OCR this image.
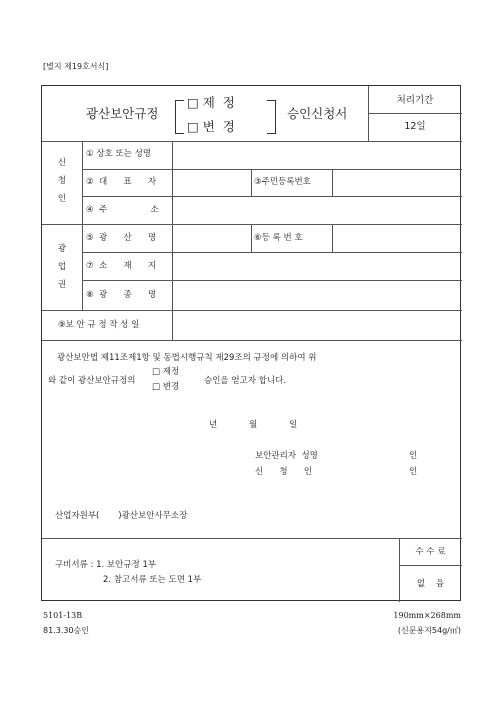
[별지 제19호서식]
광산보안규정
□ 제  정
□ 변  경
승인신청서
처리기간
12일
신
청
인
① 상호 또는 성명
②  대      표      자	③주민등록번호
④  주                소
광
업
권
⑤  광      산      명	⑥등 록 번 호
⑦  소      재      지
⑧  광      종      명
⑨보 안 규 정 작 성 일
광산보안법 제11조제1항 및 동법시행규칙 제29조의 규정에 의하여 위
와 같이 광산보안규정의
□ 제정
□ 변경
승인을 얻고자 합니다.
년	월	일
보안관리자  성명	인
신      청      인	인
산업자원부(       )광산보안사무소장
구비서류 : 1. 보안규정 1부
2. 참고서류 또는 도면 1부
수 수 료
없    음
5101-13B
81.3.30승인
190mm×268mm
(신문용지54g/㎡)
